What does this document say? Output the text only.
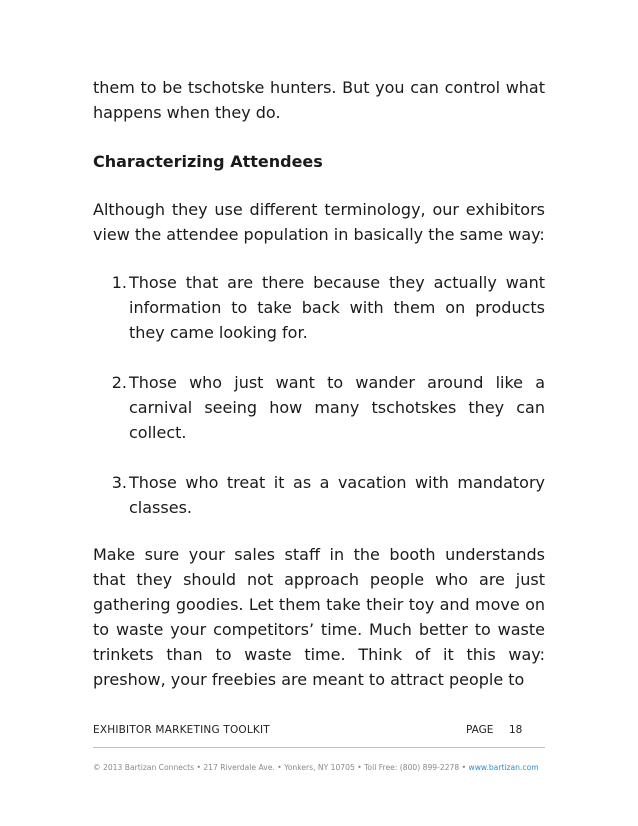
them to be tschotske hunters. But you can control what happens when they do.

Characterizing Attendees

Although they use different terminology, our exhibitors view the attendee population in basically the same way:

1. Those that are there because they actually want information to take back with them on products they came looking for.
2. Those who just want to wander around like a carnival seeing how many tschotskes they can collect.
3. Those who treat it as a vacation with mandatory classes.

Make sure your sales staff in the booth understands that they should not approach people who are just gathering goodies. Let them take their toy and move on to waste your competitors’ time. Much better to waste trinkets than to waste time. Think of it this way: preshow, your freebies are meant to attract people to

EXHIBITOR MARKETING TOOLKIT	PAGE 18
© 2013 Bartizan Connects • 217 Riverdale Ave. • Yonkers, NY 10705 • Toll Free: (800) 899-2278 • www.bartizan.com
